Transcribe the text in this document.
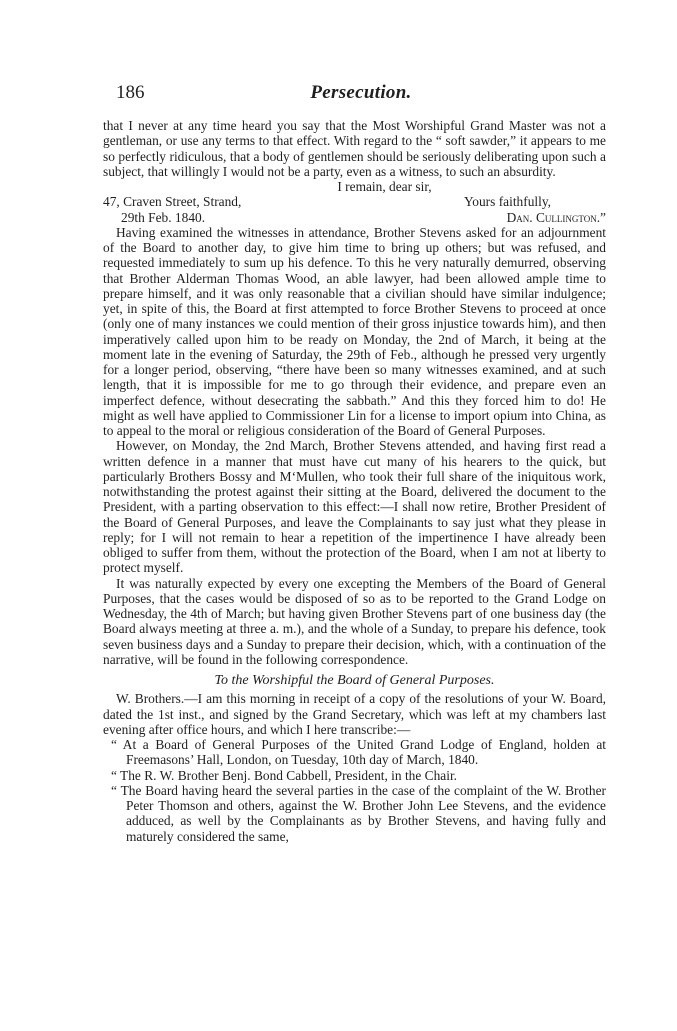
186	Persecution.

that I never at any time heard you say that the Most Worshipful Grand Master was not a gentleman, or use any terms to that effect. With regard to the “ soft sawder,” it appears to me so perfectly ridiculous, that a body of gentlemen should be seriously deliberating upon such a subject, that willingly I would not be a party, even as a witness, to such an absurdity.

I remain, dear sir,

47, Craven Street, Strand,	Yours faithfully,
29th Feb. 1840.	Dan. Cullington.”

Having examined the witnesses in attendance, Brother Stevens asked for an adjournment of the Board to another day, to give him time to bring up others; but was refused, and requested immediately to sum up his defence. To this he very naturally demurred, observing that Brother Alderman Thomas Wood, an able lawyer, had been allowed ample time to prepare himself, and it was only reasonable that a civilian should have similar indulgence; yet, in spite of this, the Board at first attempted to force Brother Stevens to proceed at once (only one of many instances we could mention of their gross injustice towards him), and then imperatively called upon him to be ready on Monday, the 2nd of March, it being at the moment late in the evening of Saturday, the 29th of Feb., although he pressed very urgently for a longer period, observing, “there have been so many witnesses examined, and at such length, that it is impossible for me to go through their evidence, and prepare even an imperfect defence, without desecrating the sabbath.” And this they forced him to do! He might as well have applied to Commissioner Lin for a license to import opium into China, as to appeal to the moral or religious consideration of the Board of General Purposes.

However, on Monday, the 2nd March, Brother Stevens attended, and having first read a written defence in a manner that must have cut many of his hearers to the quick, but particularly Brothers Bossy and M‘Mullen, who took their full share of the iniquitous work, notwithstanding the protest against their sitting at the Board, delivered the document to the President, with a parting observation to this effect:—I shall now retire, Brother President of the Board of General Purposes, and leave the Complainants to say just what they please in reply; for I will not remain to hear a repetition of the impertinence I have already been obliged to suffer from them, without the protection of the Board, when I am not at liberty to protect myself.

It was naturally expected by every one excepting the Members of the Board of General Purposes, that the cases would be disposed of so as to be reported to the Grand Lodge on Wednesday, the 4th of March; but having given Brother Stevens part of one business day (the Board always meeting at three a. m.), and the whole of a Sunday, to prepare his defence, took seven business days and a Sunday to prepare their decision, which, with a continuation of the narrative, will be found in the following correspondence.

To the Worshipful the Board of General Purposes.

W. Brothers.—I am this morning in receipt of a copy of the resolutions of your W. Board, dated the 1st inst., and signed by the Grand Secretary, which was left at my chambers last evening after office hours, and which I here transcribe:—

“ At a Board of General Purposes of the United Grand Lodge of England, holden at Freemasons’ Hall, London, on Tuesday, 10th day of March, 1840.

“ The R. W. Brother Benj. Bond Cabbell, President, in the Chair.

“ The Board having heard the several parties in the case of the complaint of the W. Brother Peter Thomson and others, against the W. Brother John Lee Stevens, and the evidence adduced, as well by the Complainants as by Brother Stevens, and having fully and maturely considered the same,
